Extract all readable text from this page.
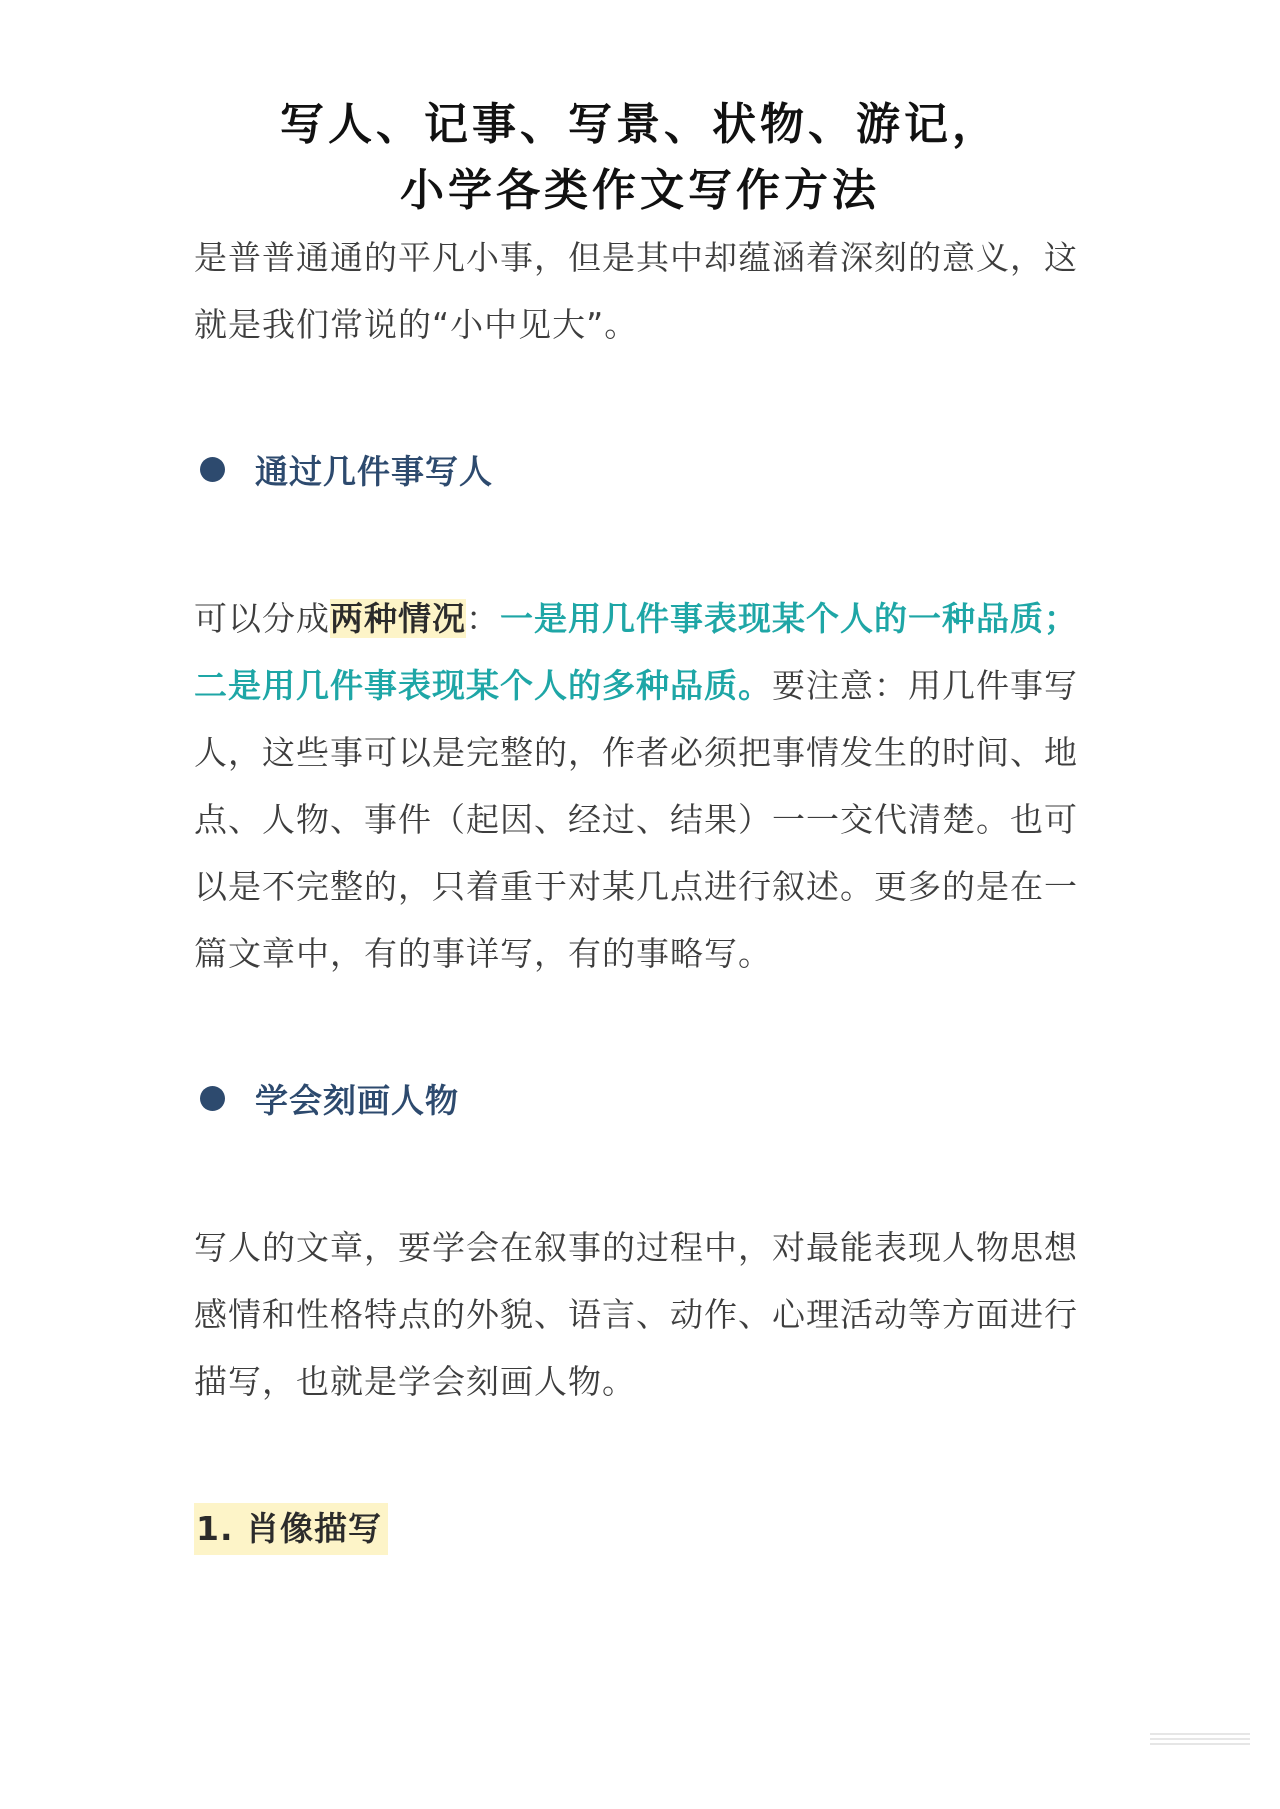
写人、记事、写景、状物、游记，
小学各类作文写作方法

是普普通通的平凡小事，但是其中却蕴涵着深刻的意义，这就是我们常说的“小中见大”。

通过几件事写人

可以分成两种情况：一是用几件事表现某个人的一种品质；二是用几件事表现某个人的多种品质。要注意：用几件事写人，这些事可以是完整的，作者必须把事情发生的时间、地点、人物、事件（起因、经过、结果）一一交代清楚。也可以是不完整的，只着重于对某几点进行叙述。更多的是在一篇文章中，有的事详写，有的事略写。

学会刻画人物

写人的文章，要学会在叙事的过程中，对最能表现人物思想感情和性格特点的外貌、语言、动作、心理活动等方面进行描写，也就是学会刻画人物。

1. 肖像描写
